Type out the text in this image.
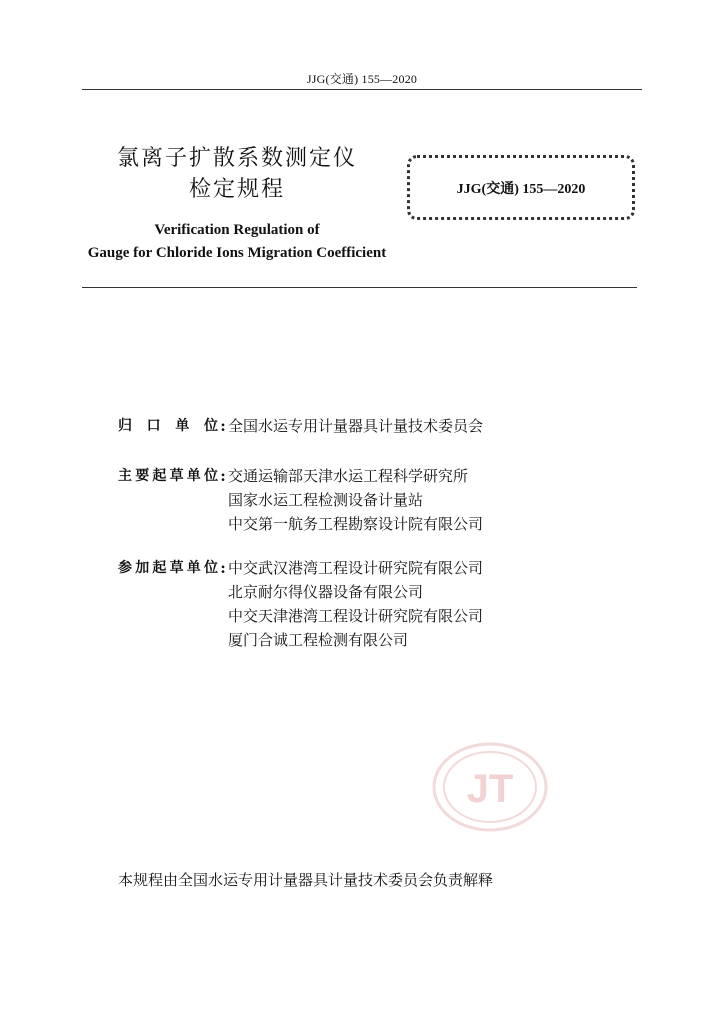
JJG(交通) 155—2020
氯离子扩散系数测定仪
检定规程	JJG(交通) 155—2020
Verification Regulation of
Gauge for Chloride Ions Migration Coefficient
归口单位 : 全国水运专用计量器具计量技术委员会
主要起草单位 : 交通运输部天津水运工程科学研究所
国家水运工程检测设备计量站
中交第一航务工程勘察设计院有限公司
参加起草单位 : 中交武汉港湾工程设计研究院有限公司
北京耐尔得仪器设备有限公司
中交天津港湾工程设计研究院有限公司
厦门合诚工程检测有限公司
JT
本规程由全国水运专用计量器具计量技术委员会负责解释
